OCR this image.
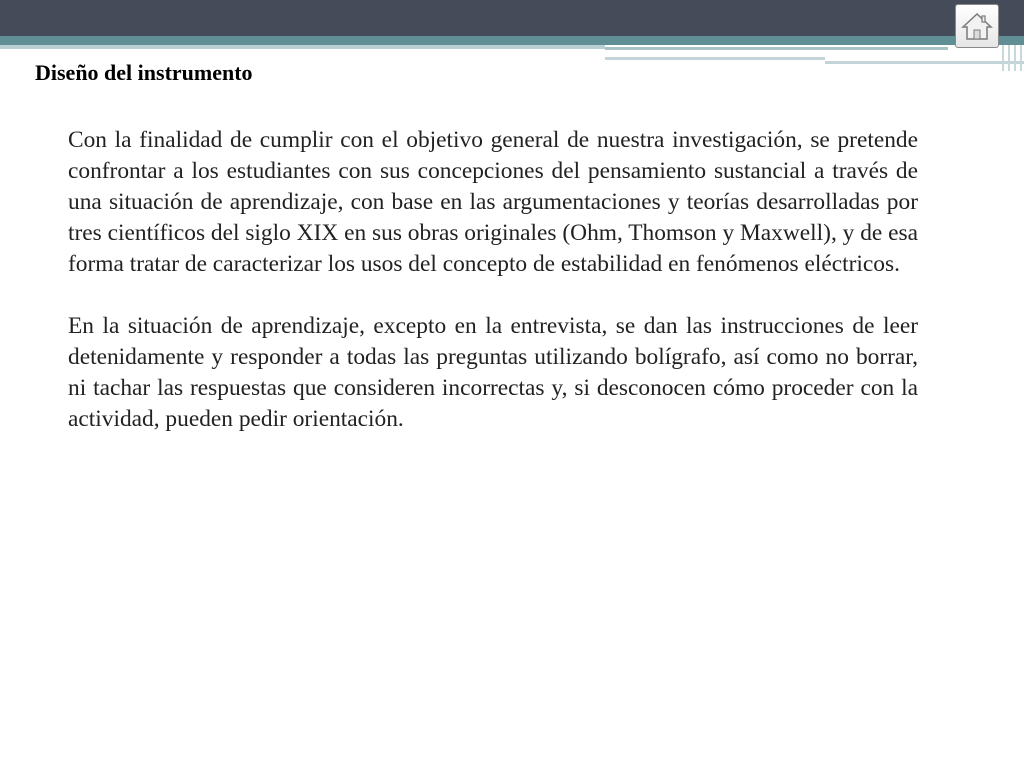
Diseño del instrumento

Con la finalidad de cumplir con el objetivo general de nuestra investigación, se pretende confrontar a los estudiantes con sus concepciones del pensamiento sustancial a través de una situación de aprendizaje, con base en las argumentaciones y teorías desarrolladas por tres científicos del siglo XIX en sus obras originales (Ohm, Thomson y Maxwell), y de esa forma tratar de caracterizar los usos del concepto de estabilidad en fenómenos eléctricos.

En la situación de aprendizaje, excepto en la entrevista, se dan las instrucciones de leer detenidamente y responder a todas las preguntas utilizando bolígrafo, así como no borrar, ni tachar las respuestas que consideren incorrectas y, si desconocen cómo proceder con la actividad, pueden pedir orientación.
